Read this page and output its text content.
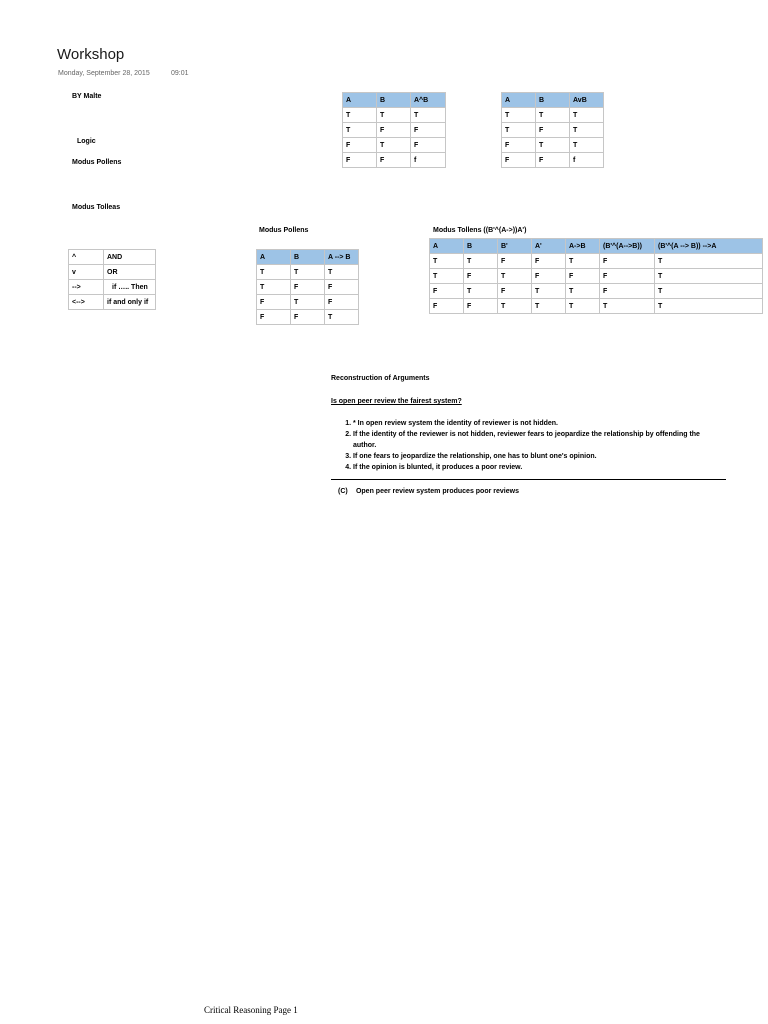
Workshop
Monday, September 28, 2015	09:01
BY Malte
Logic
Modus Pollens
Modus Tolleas
A	B	A^B
T	T	T
T	F	F
F	T	F
F	F	f
A	B	AvB
T	T	T
T	F	T
F	T	T
F	F	f
^	AND
v	OR
-->	if ….. Then
<-->	if and only if
Modus Pollens
A	B	A --> B
T	T	T
T	F	F
F	T	F
F	F	T
Modus Tollens ((B'^(A->))A')
A	B	B'	A'	A->B	(B'^(A-->B))	(B'^(A --> B)) -->A
T	T	F	F	T	F	T
T	F	T	F	F	F	T
F	T	F	T	T	F	T
F	F	T	T	T	T	T
Reconstruction of Arguments
Is open peer review the fairest system?
1. * In open review system the identity of reviewer is not hidden.
2. If the identity of the reviewer is not hidden, reviewer fears to jeopardize the relationship by offending the author.
3. If one fears to jeopardize the relationship, one has to blunt one's opinion.
4. If the opinion is blunted, it produces a poor review.
(C) Open peer review system produces poor reviews
Critical Reasoning Page 1
